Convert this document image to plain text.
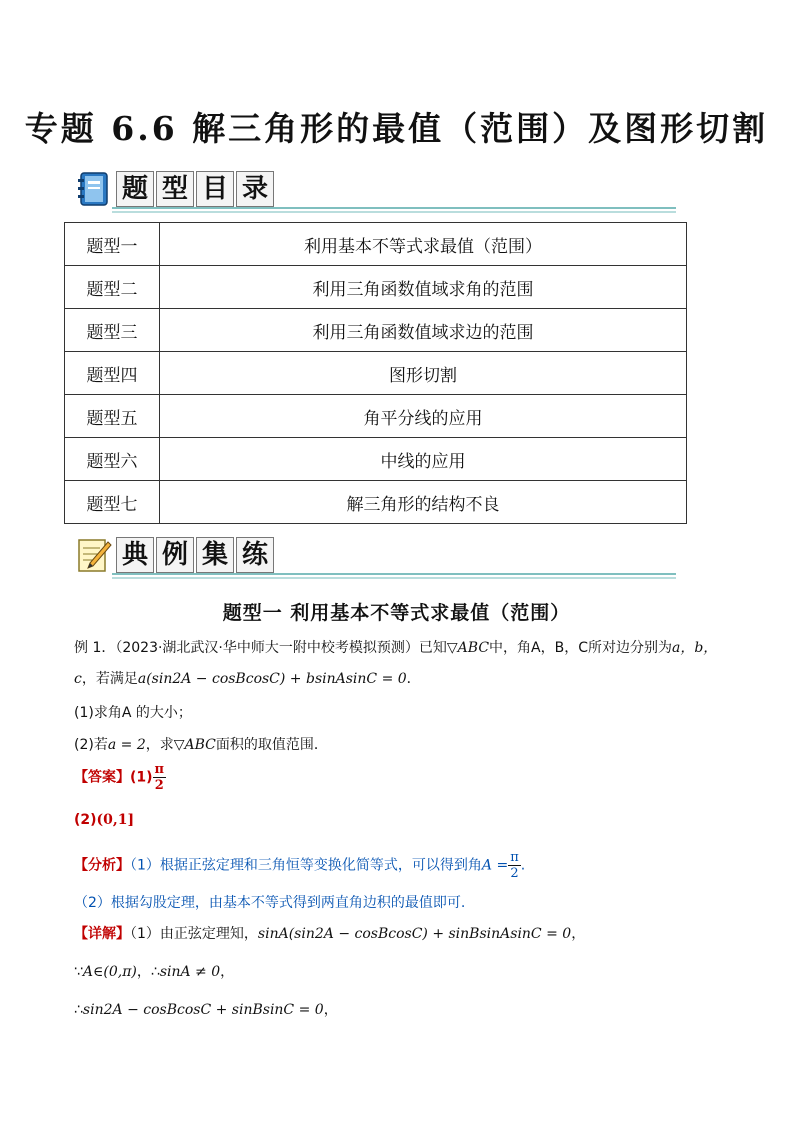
专题 6.6 解三角形的最值（范围）及图形切割
题 型 目 录
题型一	利用基本不等式求最值（范围）
题型二	利用三角函数值域求角的范围
题型三	利用三角函数值域求边的范围
题型四	图形切割
题型五	角平分线的应用
题型六	中线的应用
题型七	解三角形的结构不良
典 例 集 练
题型一 利用基本不等式求最值（范围）
例 1．（2023·湖北武汉·华中师大一附中校考模拟预测）已知▽ABC中，角A，B，C所对边分别为a，b，
c，若满足a(sin2A − cosBcosC) + bsinAsinC = 0．
(1)求角A 的大小；
(2)若a = 2，求▽ABC面积的取值范围．
【答案】$(1) \frac{\pi}{2}$
(2)(0,1]
【分析】（1）根据正弦定理和三角恒等变换化简等式，可以得到角$A = \frac{\pi}{2}$ .
（2）根据勾股定理，由基本不等式得到两直角边积的最值即可.
【详解】（1）由正弦定理知，sinA(sin2A − cosBcosC) + sinBsinAsinC = 0，
∵A∈(0,π)，∴sinA ≠ 0，
∴sin2A − cosBcosC + sinBsinC = 0，
